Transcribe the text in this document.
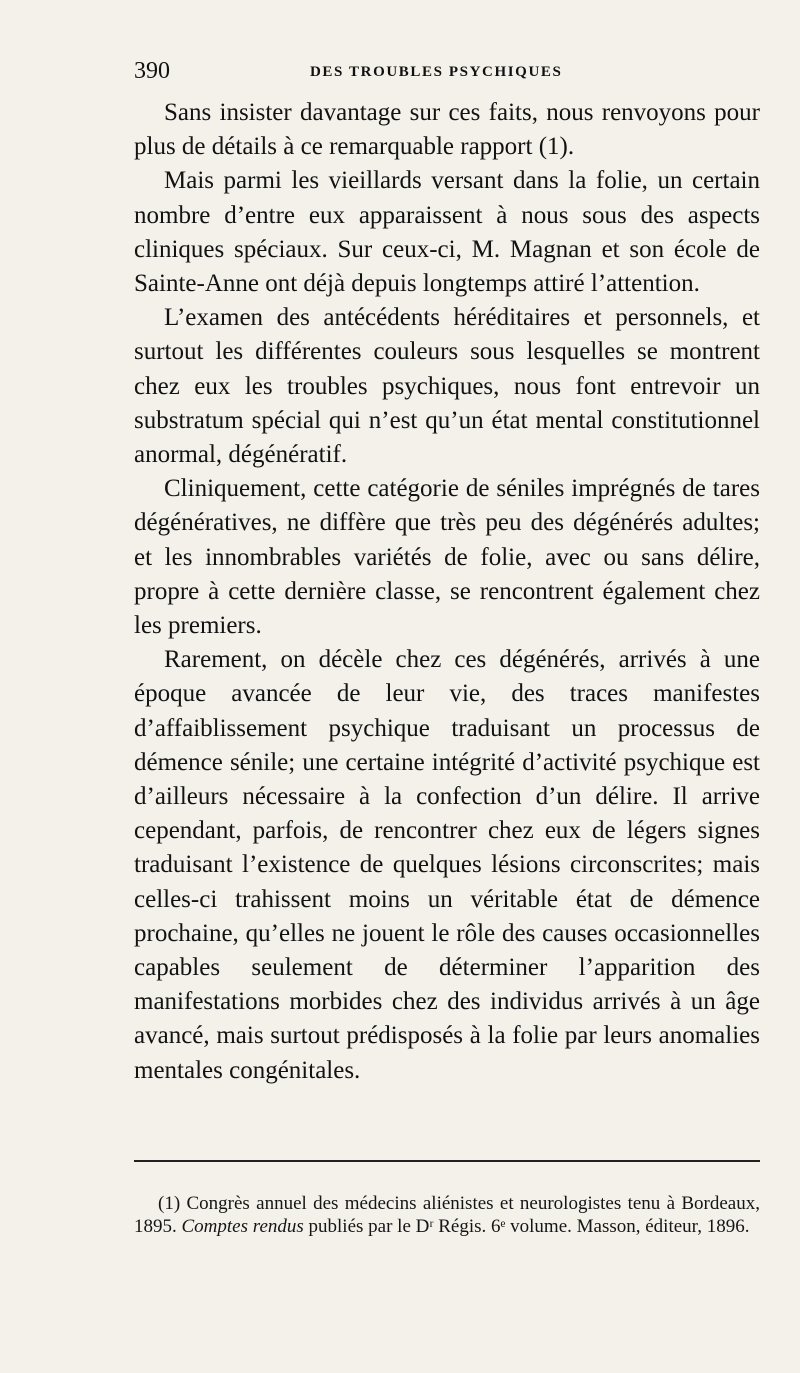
390	DES TROUBLES PSYCHIQUES

Sans insister davantage sur ces faits, nous renvoyons pour plus de détails à ce remarquable rapport (1).

Mais parmi les vieillards versant dans la folie, un certain nombre d’entre eux apparaissent à nous sous des aspects cliniques spéciaux. Sur ceux-ci, M. Magnan et son école de Sainte-Anne ont déjà depuis longtemps attiré l’attention.

L’examen des antécédents héréditaires et personnels, et surtout les différentes couleurs sous lesquelles se montrent chez eux les troubles psychiques, nous font entrevoir un substratum spécial qui n’est qu’un état mental constitutionnel anormal, dégénératif.

Cliniquement, cette catégorie de séniles imprégnés de tares dégénératives, ne diffère que très peu des dégénérés adultes; et les innombrables variétés de folie, avec ou sans délire, propre à cette dernière classe, se rencontrent également chez les premiers.

Rarement, on décèle chez ces dégénérés, arrivés à une époque avancée de leur vie, des traces manifestes d’affaiblissement psychique traduisant un processus de démence sénile; une certaine intégrité d’activité psychique est d’ailleurs nécessaire à la confection d’un délire. Il arrive cependant, parfois, de rencontrer chez eux de légers signes traduisant l’existence de quelques lésions circonscrites; mais celles-ci trahissent moins un véritable état de démence prochaine, qu’elles ne jouent le rôle des causes occasionnelles capables seulement de déterminer l’apparition des manifestations morbides chez des individus arrivés à un âge avancé, mais surtout prédisposés à la folie par leurs anomalies mentales congénitales.

(1) Congrès annuel des médecins aliénistes et neurologistes tenu à Bordeaux, 1895. Comptes rendus publiés par le Dʳ Régis. 6ᵉ volume. Masson, éditeur, 1896.
